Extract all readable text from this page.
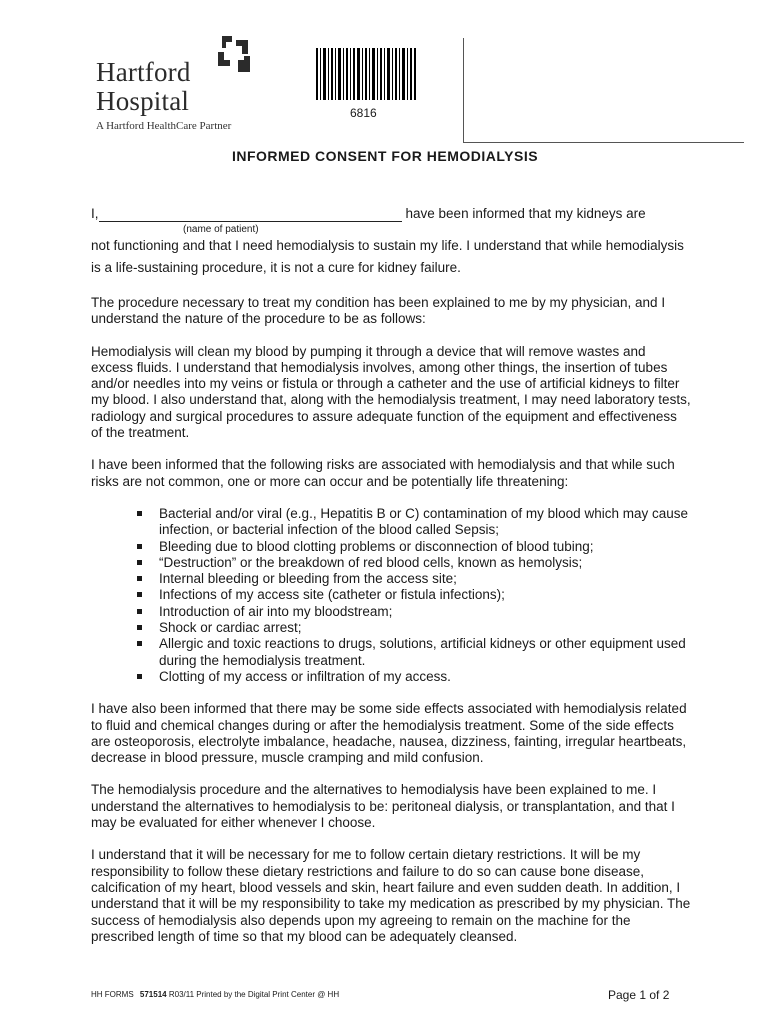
Hartford
Hospital
A Hartford HealthCare Partner
6816
INFORMED CONSENT FOR HEMODIALYSIS
I,	have been informed that my kidneys are
(name of patient)

not functioning and that I need hemodialysis to sustain my life. I understand that while hemodialysis is a life-sustaining procedure, it is not a cure for kidney failure.

The procedure necessary to treat my condition has been explained to me by my physician, and I understand the nature of the procedure to be as follows:

Hemodialysis will clean my blood by pumping it through a device that will remove wastes and excess fluids. I understand that hemodialysis involves, among other things, the insertion of tubes and/or needles into my veins or fistula or through a catheter and the use of artificial kidneys to filter my blood. I also understand that, along with the hemodialysis treatment, I may need laboratory tests, radiology and surgical procedures to assure adequate function of the equipment and effectiveness of the treatment.

I have been informed that the following risks are associated with hemodialysis and that while such risks are not common, one or more can occur and be potentially life threatening:

Bacterial and/or viral (e.g., Hepatitis B or C) contamination of my blood which may cause infection, or bacterial infection of the blood called Sepsis;
Bleeding due to blood clotting problems or disconnection of blood tubing;
“Destruction” or the breakdown of red blood cells, known as hemolysis;
Internal bleeding or bleeding from the access site;
Infections of my access site (catheter or fistula infections);
Introduction of air into my bloodstream;
Shock or cardiac arrest;
Allergic and toxic reactions to drugs, solutions, artificial kidneys or other equipment used during the hemodialysis treatment.
Clotting of my access or infiltration of my access.

I have also been informed that there may be some side effects associated with hemodialysis related to fluid and chemical changes during or after the hemodialysis treatment. Some of the side effects are osteoporosis, electrolyte imbalance, headache, nausea, dizziness, fainting, irregular heartbeats, decrease in blood pressure, muscle cramping and mild confusion.

The hemodialysis procedure and the alternatives to hemodialysis have been explained to me. I understand the alternatives to hemodialysis to be: peritoneal dialysis, or transplantation, and that I may be evaluated for either whenever I choose.

I understand that it will be necessary for me to follow certain dietary restrictions. It will be my responsibility to follow these dietary restrictions and failure to do so can cause bone disease, calcification of my heart, blood vessels and skin, heart failure and even sudden death. In addition, I understand that it will be my responsibility to take my medication as prescribed by my physician. The success of hemodialysis also depends upon my agreeing to remain on the machine for the prescribed length of time so that my blood can be adequately cleansed.

HH FORMS 571514 R03/11 Printed by the Digital Print Center @ HH	Page 1 of 2
